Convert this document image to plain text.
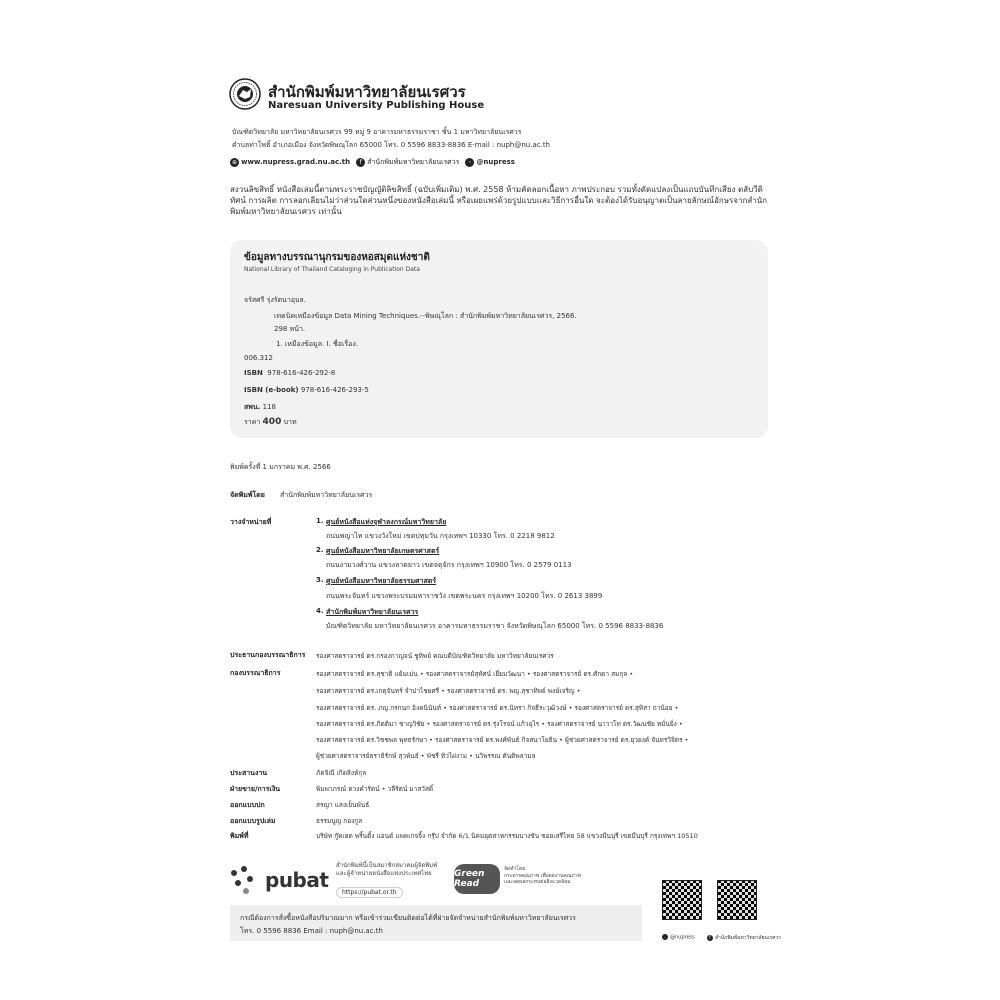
สำนักพิมพ์มหาวิทยาลัยนเรศวร
Naresuan University Publishing House
บัณฑิตวิทยาลัย มหาวิทยาลัยนเรศวร 99 หมู่ 9 อาคารมหาธรรมราชา ชั้น 1 มหาวิทยาลัยนเรศวร
ตำบลท่าโพธิ์ อำเภอเมือง จังหวัดพิษณุโลก 65000 โทร. 0 5596 8833-8836 E-mail : nuph@nu.ac.th
⊕ www.nupress.grad.nu.ac.th	f สำนักพิมพ์มหาวิทยาลัยนเรศวร	◦ @nupress
สงวนลิขสิทธิ์ หนังสือเล่มนี้ตามพระราชบัญญัติลิขสิทธิ์ (ฉบับเพิ่มเติม) พ.ศ. 2558 ห้ามคัดลอกเนื้อหา ภาพประกอบ รวมทั้งดัดแปลงเป็นแถบบันทึกเสียง ตลับวีดิทัศน์ การผลิต การลอกเลียนไม่ว่าส่วนใดส่วนหนึ่งของหนังสือเล่มนี้ หรือเผยแพร่ด้วยรูปแบบและวิธีการอื่นใด จะต้องได้รับอนุญาตเป็นลายลักษณ์อักษรจากสำนักพิมพ์มหาวิทยาลัยนเรศวร เท่านั้น
ข้อมูลทางบรรณานุกรมของหอสมุดแห่งชาติ
National Library of Thailand Cataloging in Publication Data
จรัสศรี รุ่งรัตนาอุบล.
เทคนิคเหมืองข้อมูล Data Mining Techniques.--พิษณุโลก : สำนักพิมพ์มหาวิทยาลัยนเรศวร, 2566.
298 หน้า.
1. เหมืองข้อมูล. I. ชื่อเรื่อง.
006.312
ISBN 978-616-426-292-8
ISBN (e-book) 978-616-426-293-5
สพน. 118
ราคา 400 บาท
พิมพ์ครั้งที่ 1 มกราคม พ.ศ. 2566
จัดพิมพ์โดย สำนักพิมพ์มหาวิทยาลัยนเรศวร
วางจำหน่ายที่	1. ศูนย์หนังสือแห่งจุฬาลงกรณ์มหาวิทยาลัย
ถนนพญาไท แขวงวังใหม่ เขตปทุมวัน กรุงเทพฯ 10330 โทร. 0 2218 9812
2. ศูนย์หนังสือมหาวิทยาลัยเกษตรศาสตร์
ถนนงามวงศ์วาน แขวงลาดยาว เขตจตุจักร กรุงเทพฯ 10900 โทร. 0 2579 0113
3. ศูนย์หนังสือมหาวิทยาลัยธรรมศาสตร์
ถนนพระจันทร์ แขวงพระบรมมหาราชวัง เขตพระนคร กรุงเทพฯ 10200 โทร. 0 2613 3899
4. สำนักพิมพ์มหาวิทยาลัยนเรศวร
บัณฑิตวิทยาลัย มหาวิทยาลัยนเรศวร อาคารมหาธรรมราชา จังหวัดพิษณุโลก 65000 โทร. 0 5596 8833-8836
ประธานกองบรรณาธิการ รองศาสตราจารย์ ดร.กรองกาญจน์ ชูทิพย์ คณบดีบัณฑิตวิทยาลัย มหาวิทยาลัยนเรศวร
กองบรรณาธิการ	รองศาสตราจารย์ ดร.สุชาติ แย้มเม่น • รองศาสตราจารย์สุทัศน์ เยี่ยมวัฒนา • รองศาสตราจารย์ ดร.ศักดา สมกุล •
รองศาสตราจารย์ ดร.เกตุจันทร์ จำปาไชยศรี • รองศาสตราจารย์ ดร. พญ.สุชาทิพย์ พงษ์เจริญ •
รองศาสตราจารย์ ดร. ภญ.กรกนก อิงคนินันท์ • รองศาสตราจารย์ ดร.นิทรา กิจธีระวุฒิวงษ์ • รองศาสตราจารย์ ดร.สุทิสา ถาน้อย •
รองศาสตราจารย์ ดร.ภิตติมา ชาญวิชัย • รองศาสตราจารย์ ดร.รุ่งโรจน์ แก้วอุไร • รองศาสตราจารย์ นาวาโท ดร.วัฒนชัย หมั่นยิ่ง •
รองศาสตราจารย์ ดร.วิชชพล พุทธรักษา • รองศาสตราจารย์ ดร.พงศ์พันธ์ กิจสนาโยธิน • ผู้ช่วยศาสตราจารย์ ดร.ยุวยงค์ จันทรวิจิตร •
ผู้ช่วยศาสตราจารย์ธราธิรักษ์ สุวพันธ์ • พัชรี ทิวไผ่งาม • นวิพรรณ ตันติพลามล
ประสานงาน	ภัคจิณี เกิดสิงห์กุล
ฝ่ายขาย/การเงิน	พิมพาภรณ์ ดวงคำรัตน์ • วลีรัตน์ มาสวัสดิ์
ออกแบบปก	สรญา แสงเย็นพันธ์
ออกแบบรูปเล่ม	ธรรมนูญ กองกูล
พิมพ์ที่	บริษัท กู๊ดเฮด พริ้นติ้ง แอนด์ แพคเกจจิ้ง กรุ๊ป จำกัด 6/1 นิคมอุตสาหกรรมบางชัน ซอยเสรีไทย 58 แขวงมีนบุรี เขตมีนบุรี กรุงเทพฯ 10510
pubat
สำนักพิมพ์นี้เป็นสมาชิกสมาคมผู้จัดพิมพ์
และผู้จำหน่ายหนังสือแห่งประเทศไทย
https://pubat.or.th
Green Read
จัดทำโดย
กระดาษคุณภาพ เพื่อผลงานคุณภาพ
และลดผลกระทบต่อสิ่งแวดล้อม
◦ @nupress	f สำนักพิมพ์มหาวิทยาลัยนเรศวร
กรณีต้องการสั่งซื้อหนังสือปริมาณมาก หรือเข้าร่วมเขียนติดต่อได้ที่ฝ่ายจัดจำหน่ายสำนักพิมพ์มหาวิทยาลัยนเรศวร
โทร. 0 5596 8836 Email : nuph@nu.ac.th
